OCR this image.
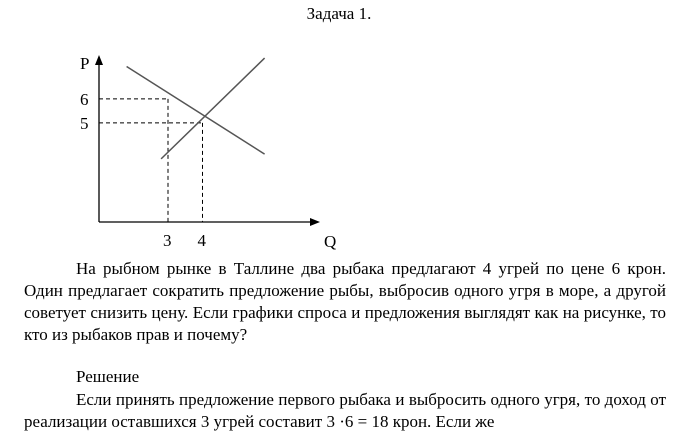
Задача 1.
P
Q
3 4
6
5
На рыбном рынке в Таллине два рыбака предлагают 4 угрей по цене 6 крон. Один предлагает сократить предложение рыбы, выбросив одного угря в море, а другой советует снизить цену. Если графики спроса и предложения выглядят как на рисунке, то кто из рыбаков прав и почему?
Решение
Если принять предложение первого рыбака и выбросить одного угря, то доход от реализации оставшихся 3 угрей составит 3 ·6 = 18 крон. Если же
